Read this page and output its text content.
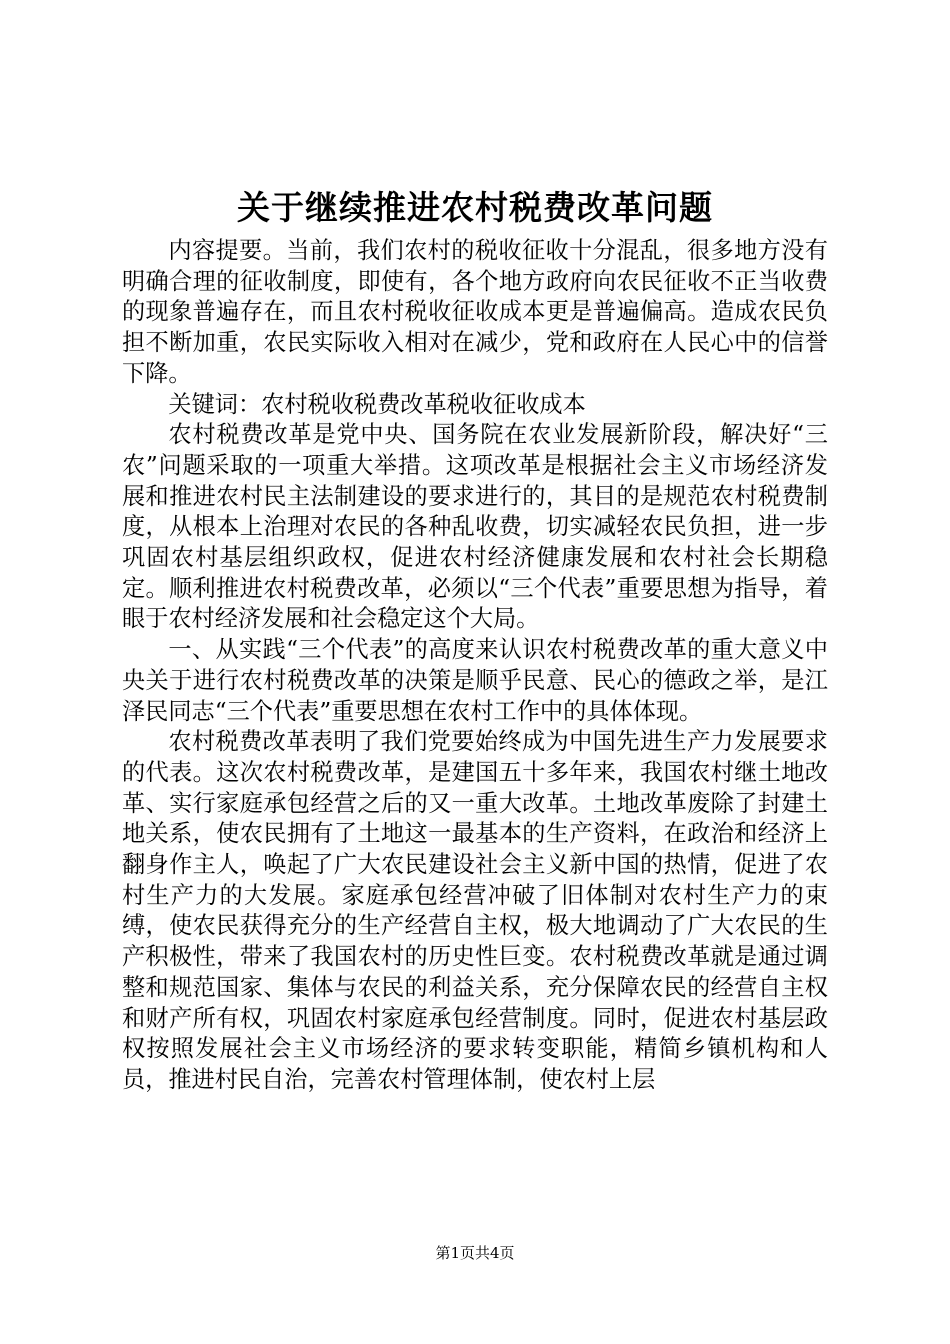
关于继续推进农村税费改革问题

内容提要。当前，我们农村的税收征收十分混乱，很多地方没有明确合理的征收制度，即使有，各个地方政府向农民征收不正当收费的现象普遍存在，而且农村税收征收成本更是普遍偏高。造成农民负担不断加重，农民实际收入相对在减少，党和政府在人民心中的信誉下降。

关键词：农村税收税费改革税收征收成本

农村税费改革是党中央、国务院在农业发展新阶段，解决好“三农”问题采取的一项重大举措。这项改革是根据社会主义市场经济发展和推进农村民主法制建设的要求进行的，其目的是规范农村税费制度，从根本上治理对农民的各种乱收费，切实减轻农民负担，进一步巩固农村基层组织政权，促进农村经济健康发展和农村社会长期稳定。顺利推进农村税费改革，必须以“三个代表”重要思想为指导，着眼于农村经济发展和社会稳定这个大局。

一、从实践“三个代表”的高度来认识农村税费改革的重大意义中央关于进行农村税费改革的决策是顺乎民意、民心的德政之举，是江泽民同志“三个代表”重要思想在农村工作中的具体体现。

农村税费改革表明了我们党要始终成为中国先进生产力发展要求的代表。这次农村税费改革，是建国五十多年来，我国农村继土地改革、实行家庭承包经营之后的又一重大改革。土地改革废除了封建土地关系，使农民拥有了土地这一最基本的生产资料，在政治和经济上翻身作主人，唤起了广大农民建设社会主义新中国的热情，促进了农村生产力的大发展。家庭承包经营冲破了旧体制对农村生产力的束缚，使农民获得充分的生产经营自主权，极大地调动了广大农民的生产积极性，带来了我国农村的历史性巨变。农村税费改革就是通过调整和规范国家、集体与农民的利益关系，充分保障农民的经营自主权和财产所有权，巩固农村家庭承包经营制度。同时，促进农村基层政权按照发展社会主义市场经济的要求转变职能，精简乡镇机构和人员，推进村民自治，完善农村管理体制，使农村上层

第1页共4页
